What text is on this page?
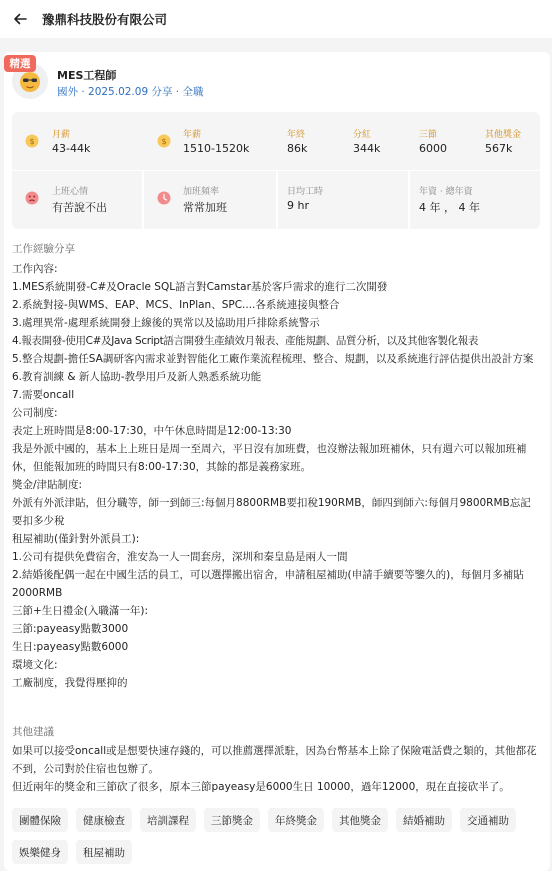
豫鼎科技股份有限公司
精選
MES工程師
國外 · 2025.02.09 分享 · 全職
$
月薪
43-44k
$
年薪
1510-1520k
年終
86k
分紅
344k
三節
6000
其他獎金
567k
上班心情
有苦說不出
加班頻率
常常加班
日均工時
9 hr
年資 · 總年資
4 年 ， 4 年
工作經驗分享
工作內容:
1.MES系統開發-C#及Oracle SQL語言對Camstar基於客戶需求的進行二次開發
2.系統對接-與WMS、EAP、MCS、InPlan、SPC....各系統連接與整合
3.處理異常-處理系統開發上線後的異常以及協助用戶排除系統警示
4.報表開發-使用C#及Java Script語言開發生產績效月報表、產能規劃、品質分析，以及其他客製化報表
5.整合規劃-擔任SA調研客內需求並對智能化工廠作業流程梳理、整合、規劃，以及系統進行評估提供出設計方案
6.教育訓練 & 新人協助-教學用戶及新人熟悉系統功能
7.需要oncall
公司制度:
表定上班時間是8:00-17:30，中午休息時間是12:00-13:30
我是外派中國的，基本上上班日是周一至周六，平日沒有加班費，也沒辦法報加班補休，只有週六可以報加班補休，但能報加班的時間只有8:00-17:30，其餘的都是義務家班。
獎金/津貼制度:
外派有外派津貼，但分職等，師一到師三:每個月8800RMB要扣稅190RMB，師四到師六:每個月9800RMB忘記要扣多少稅
租屋補助(僅針對外派員工):
1.公司有提供免費宿舍，淮安為一人一間套房，深圳和秦皇島是兩人一間
2.結婚後配偶一起在中國生活的員工，可以選擇搬出宿舍，申請租屋補助(申請手續要等鑒久的)，每個月多補貼2000RMB
三節+生日禮金(入職滿一年):
三節:payeasy點數3000
生日:payeasy點數6000
環境文化:
工廠制度，我覺得壓抑的
其他建議
如果可以接受oncall或是想要快速存錢的，可以推薦選擇派駐，因為台幣基本上除了保險電話費之類的，其他都花不到，公司對於住宿也包辦了。
但近兩年的獎金和三節砍了很多，原本三節payeasy是6000生日 10000，過年12000，現在直接砍半了。
團體保險	健康檢查	培訓課程	三節獎金	年終獎金	其他獎金	結婚補助	交通補助
娛樂健身	租屋補助
